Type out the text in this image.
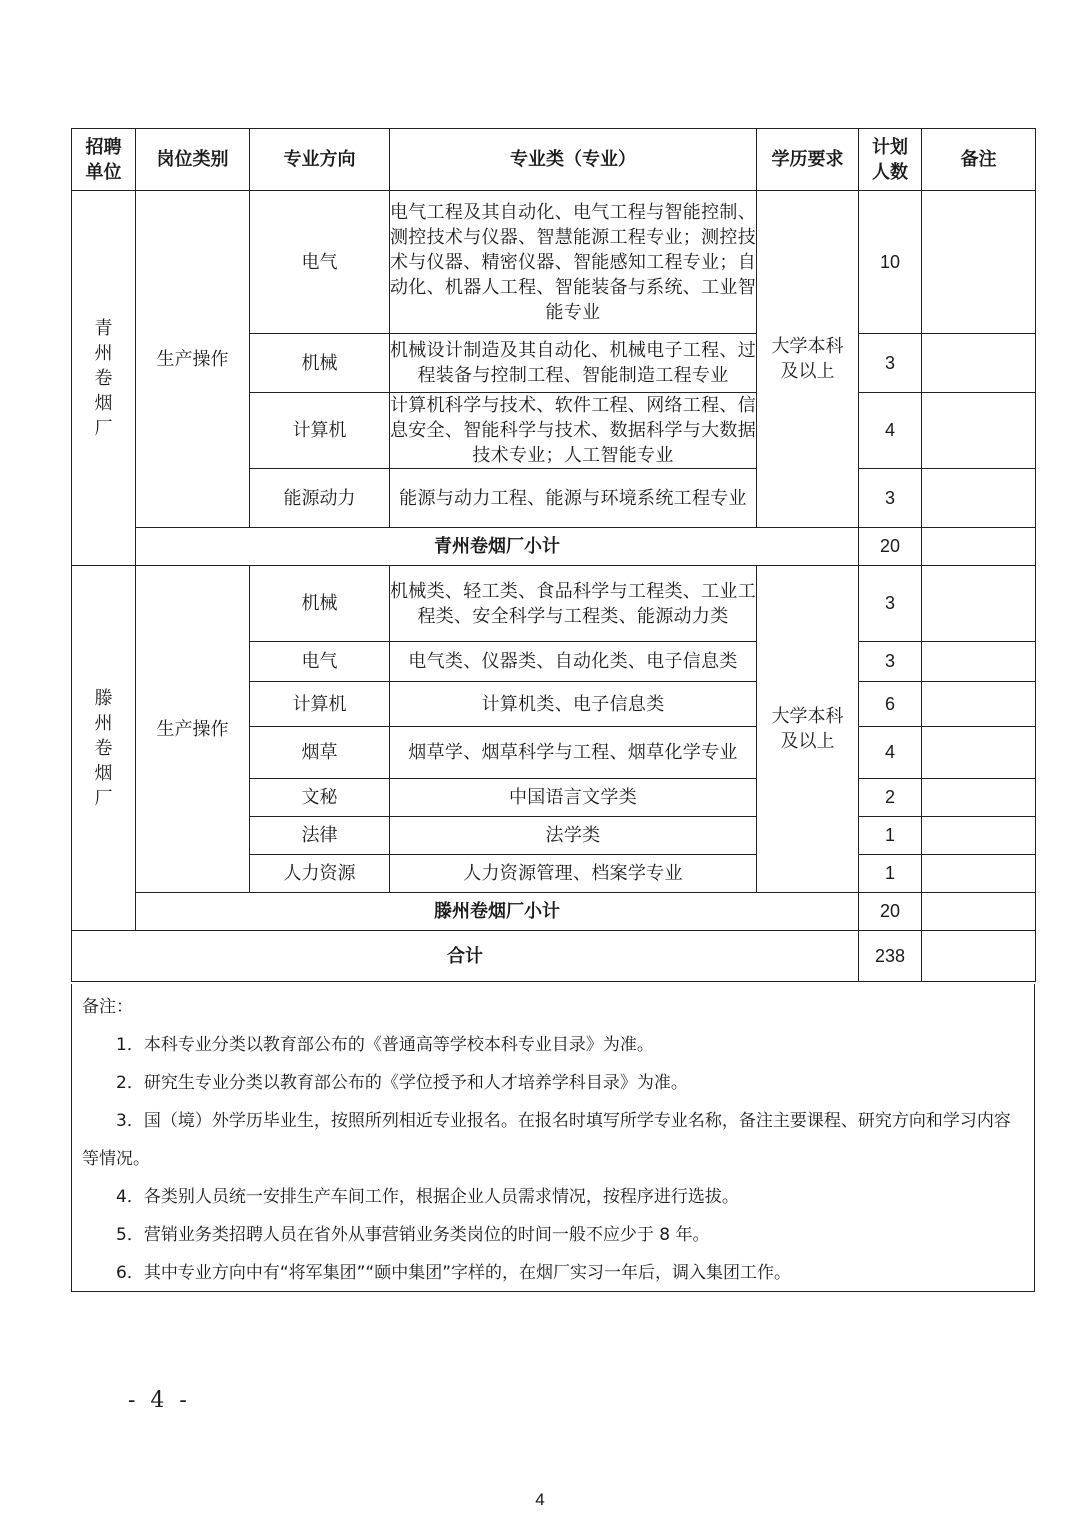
招聘单位	岗位类别	专业方向	专业类（专业）	学历要求	计划人数	备注
青州卷烟厂	生产操作	电气	电气工程及其自动化、电气工程与智能控制、测控技术与仪器、智慧能源工程专业；测控技术与仪器、精密仪器、智能感知工程专业；自动化、机器人工程、智能装备与系统、工业智能专业	大学本科及以上	10	
		机械	机械设计制造及其自动化、机械电子工程、过程装备与控制工程、智能制造工程专业		3	
		计算机	计算机科学与技术、软件工程、网络工程、信息安全、智能科学与技术、数据科学与大数据技术专业；人工智能专业		4	
		能源动力	能源与动力工程、能源与环境系统工程专业		3	
	青州卷烟厂小计				20	
滕州卷烟厂	生产操作	机械	机械类、轻工类、食品科学与工程类、工业工程类、安全科学与工程类、能源动力类	大学本科及以上	3	
		电气	电气类、仪器类、自动化类、电子信息类		3	
		计算机	计算机类、电子信息类		6	
		烟草	烟草学、烟草科学与工程、烟草化学专业		4	
		文秘	中国语言文学类		2	
		法律	法学类		1	
		人力资源	人力资源管理、档案学专业		1	
	滕州卷烟厂小计				20	
合计					238	

备注：

1．本科专业分类以教育部公布的《普通高等学校本科专业目录》为准。

2．研究生专业分类以教育部公布的《学位授予和人才培养学科目录》为准。

3．国（境）外学历毕业生，按照所列相近专业报名。在报名时填写所学专业名称，备注主要课程、研究方向和学习内容等情况。

4．各类别人员统一安排生产车间工作，根据企业人员需求情况，按程序进行选拔。

5．营销业务类招聘人员在省外从事营销业务类岗位的时间一般不应少于 8 年。

6．其中专业方向中有“将军集团”“颐中集团”字样的，在烟厂实习一年后，调入集团工作。

- 4 -
4
